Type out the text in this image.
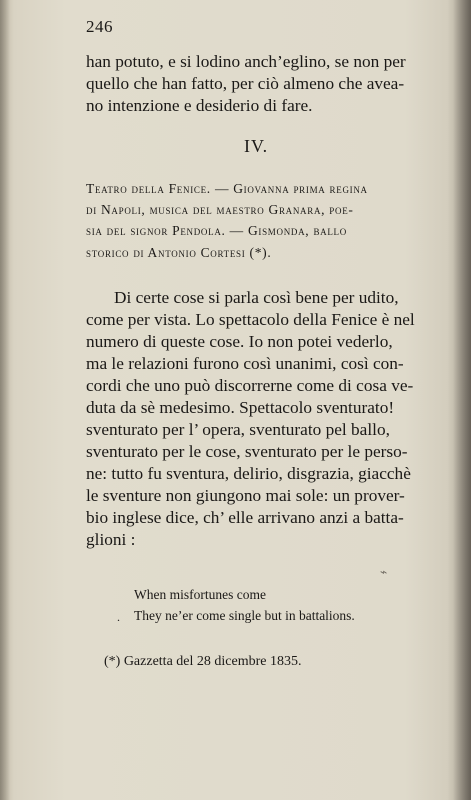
246
han potuto, e si lodino anch’eglino, se non per
quello che han fatto, per ciò almeno che avea-
no intenzione e desiderio di fare.
IV.
Teatro della Fenice. — Giovanna prima regina
di Napoli, musica del maestro Granara, poe-
sia del signor Pendola. — Gismonda, ballo
storico di Antonio Cortesi (*).
Di certe cose si parla così bene per udito,
come per vista. Lo spettacolo della Fenice è nel
numero di queste cose. Io non potei vederlo,
ma le relazioni furono così unanimi, così con-
cordi che uno può discorrerne come di cosa ve-
duta da sè medesimo. Spettacolo sventurato!
sventurato per l’ opera, sventurato pel ballo,
sventurato per le cose, sventurato per le perso-
ne: tutto fu sventura, delirio, disgrazia, giacchè
le sventure non giungono mai sole: un prover-
bio inglese dice, ch’ elle arrivano anzi a batta-
glioni :
⌁
.
When misfortunes come
They ne’er come single but in battalions.
(*) Gazzetta del 28 dicembre 1835.
